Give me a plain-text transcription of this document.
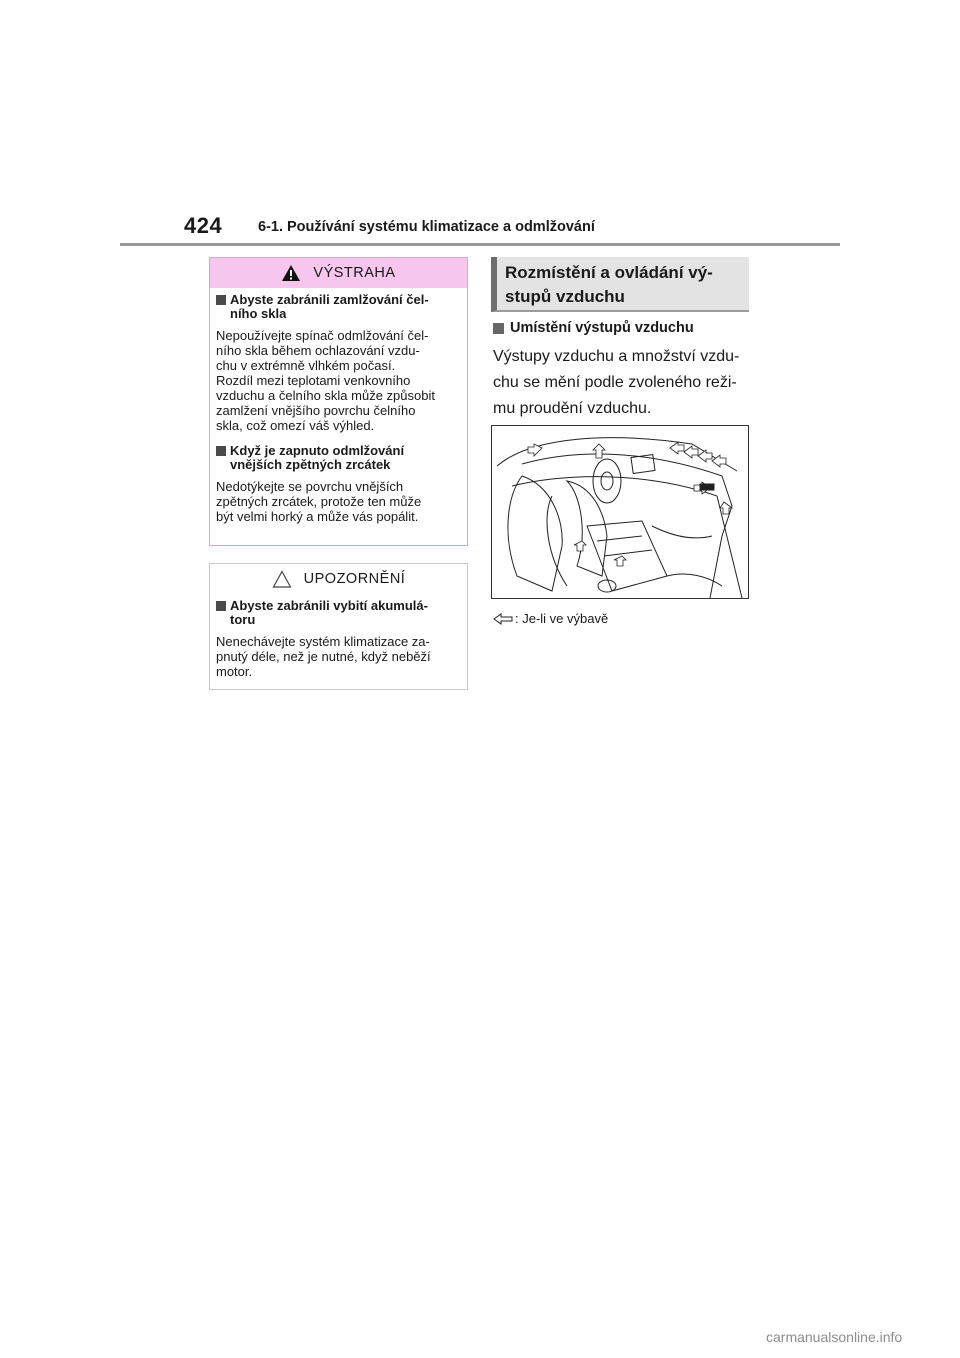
424 6-1. Používání systému klimatizace a odmlžování
VÝSTRAHA
Abyste zabránili zamlžování čel-
ního skla
Nepoužívejte spínač odmlžování čel-
ního skla během ochlazování vzdu-
chu v extrémně vlhkém počasí.
Rozdíl mezi teplotami venkovního
vzduchu a čelního skla může způsobit
zamlžení vnějšího povrchu čelního
skla, což omezí váš výhled.
Když je zapnuto odmlžování
vnějších zpětných zrcátek
Nedotýkejte se povrchu vnějších
zpětných zrcátek, protože ten může
být velmi horký a může vás popálit.
UPOZORNĚNÍ
Abyste zabránili vybití akumulá-
toru
Nenechávejte systém klimatizace za-
pnutý déle, než je nutné, když neběží
motor.
Rozmístění a ovládání vý-
stupů vzduchu
Umístění výstupů vzduchu
Výstupy vzduchu a množství vzdu-
chu se mění podle zvoleného reži-
mu proudění vzduchu.
: Je-li ve výbavě
carmanualsonline.info
